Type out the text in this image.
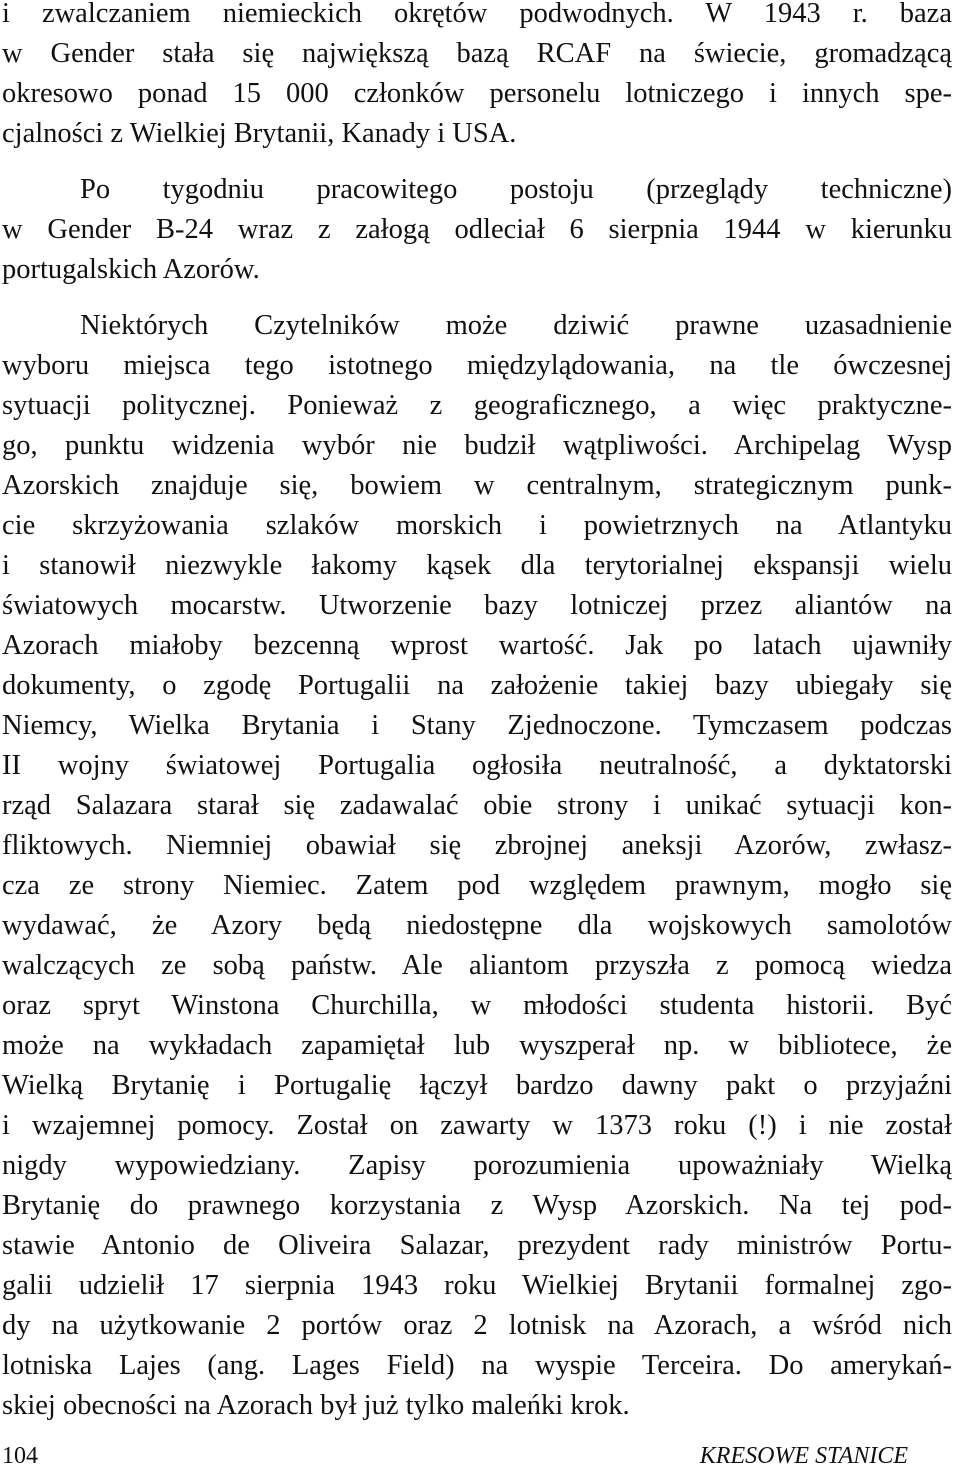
i zwalczaniem niemieckich okrętów podwodnych. W 1943 r. baza
w Gender stała się największą bazą RCAF na świecie, gromadzącą
okresowo ponad 15 000 członków personelu lotniczego i innych spe-
cjalności z Wielkiej Brytanii, Kanady i USA.
Po tygodniu pracowitego postoju (przeglądy techniczne)
w Gender B-24 wraz z załogą odleciał 6 sierpnia 1944 w kierunku
portugalskich Azorów.
Niektórych Czytelników może dziwić prawne uzasadnienie
wyboru miejsca tego istotnego międzylądowania, na tle ówczesnej
sytuacji politycznej. Ponieważ z geograficznego, a więc praktyczne-
go, punktu widzenia wybór nie budził wątpliwości. Archipelag Wysp
Azorskich znajduje się, bowiem w centralnym, strategicznym punk-
cie skrzyżowania szlaków morskich i powietrznych na Atlantyku
i stanowił niezwykle łakomy kąsek dla terytorialnej ekspansji wielu
światowych mocarstw. Utworzenie bazy lotniczej przez aliantów na
Azorach miałoby bezcenną wprost wartość. Jak po latach ujawniły
dokumenty, o zgodę Portugalii na założenie takiej bazy ubiegały się
Niemcy, Wielka Brytania i Stany Zjednoczone. Tymczasem podczas
II wojny światowej Portugalia ogłosiła neutralność, a dyktatorski
rząd Salazara starał się zadawalać obie strony i unikać sytuacji kon-
fliktowych. Niemniej obawiał się zbrojnej aneksji Azorów, zwłasz-
cza ze strony Niemiec. Zatem pod względem prawnym, mogło się
wydawać, że Azory będą niedostępne dla wojskowych samolotów
walczących ze sobą państw. Ale aliantom przyszła z pomocą wiedza
oraz spryt Winstona Churchilla, w młodości studenta historii. Być
może na wykładach zapamiętał lub wyszperał np. w bibliotece, że
Wielką Brytanię i Portugalię łączył bardzo dawny pakt o przyjaźni
i wzajemnej pomocy. Został on zawarty w 1373 roku (!) i nie został
nigdy wypowiedziany. Zapisy porozumienia upoważniały Wielką
Brytanię do prawnego korzystania z Wysp Azorskich. Na tej pod-
stawie Antonio de Oliveira Salazar, prezydent rady ministrów Portu-
galii udzielił 17 sierpnia 1943 roku Wielkiej Brytanii formalnej zgo-
dy na użytkowanie 2 portów oraz 2 lotnisk na Azorach, a wśród nich
lotniska Lajes (ang. Lages Field) na wyspie Terceira. Do amerykań-
skiej obecności na Azorach był już tylko maleńki krok.
104	KRESOWE STANICE
